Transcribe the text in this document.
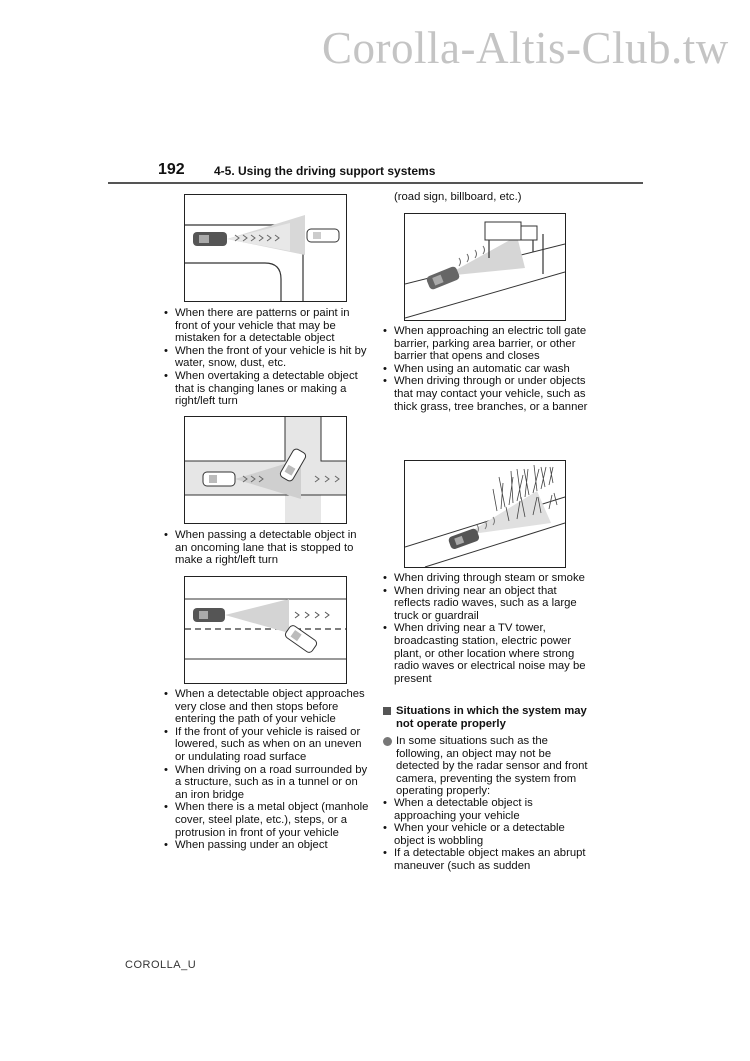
Corolla-Altis-Club.tw
192 4-5. Using the driving support systems
• When there are patterns or paint in front of your vehicle that may be mistaken for a detectable object
• When the front of your vehicle is hit by water, snow, dust, etc.
• When overtaking a detectable object that is changing lanes or making a right/left turn
• When passing a detectable object in an oncoming lane that is stopped to make a right/left turn
• When a detectable object approaches very close and then stops before entering the path of your vehicle
• If the front of your vehicle is raised or lowered, such as when on an uneven or undulating road surface
• When driving on a road surrounded by a structure, such as in a tunnel or on an iron bridge
• When there is a metal object (manhole cover, steel plate, etc.), steps, or a protrusion in front of your vehicle
• When passing under an object
(road sign, billboard, etc.)
• When approaching an electric toll gate barrier, parking area barrier, or other barrier that opens and closes
• When using an automatic car wash
• When driving through or under objects that may contact your vehicle, such as thick grass, tree branches, or a banner
• When driving through steam or smoke
• When driving near an object that reflects radio waves, such as a large truck or guardrail
• When driving near a TV tower, broadcasting station, electric power plant, or other location where strong radio waves or electrical noise may be present
Situations in which the system may not operate properly
In some situations such as the following, an object may not be detected by the radar sensor and front camera, preventing the system from operating properly:
• When a detectable object is approaching your vehicle
• When your vehicle or a detectable object is wobbling
• If a detectable object makes an abrupt maneuver (such as sudden
COROLLA_U
